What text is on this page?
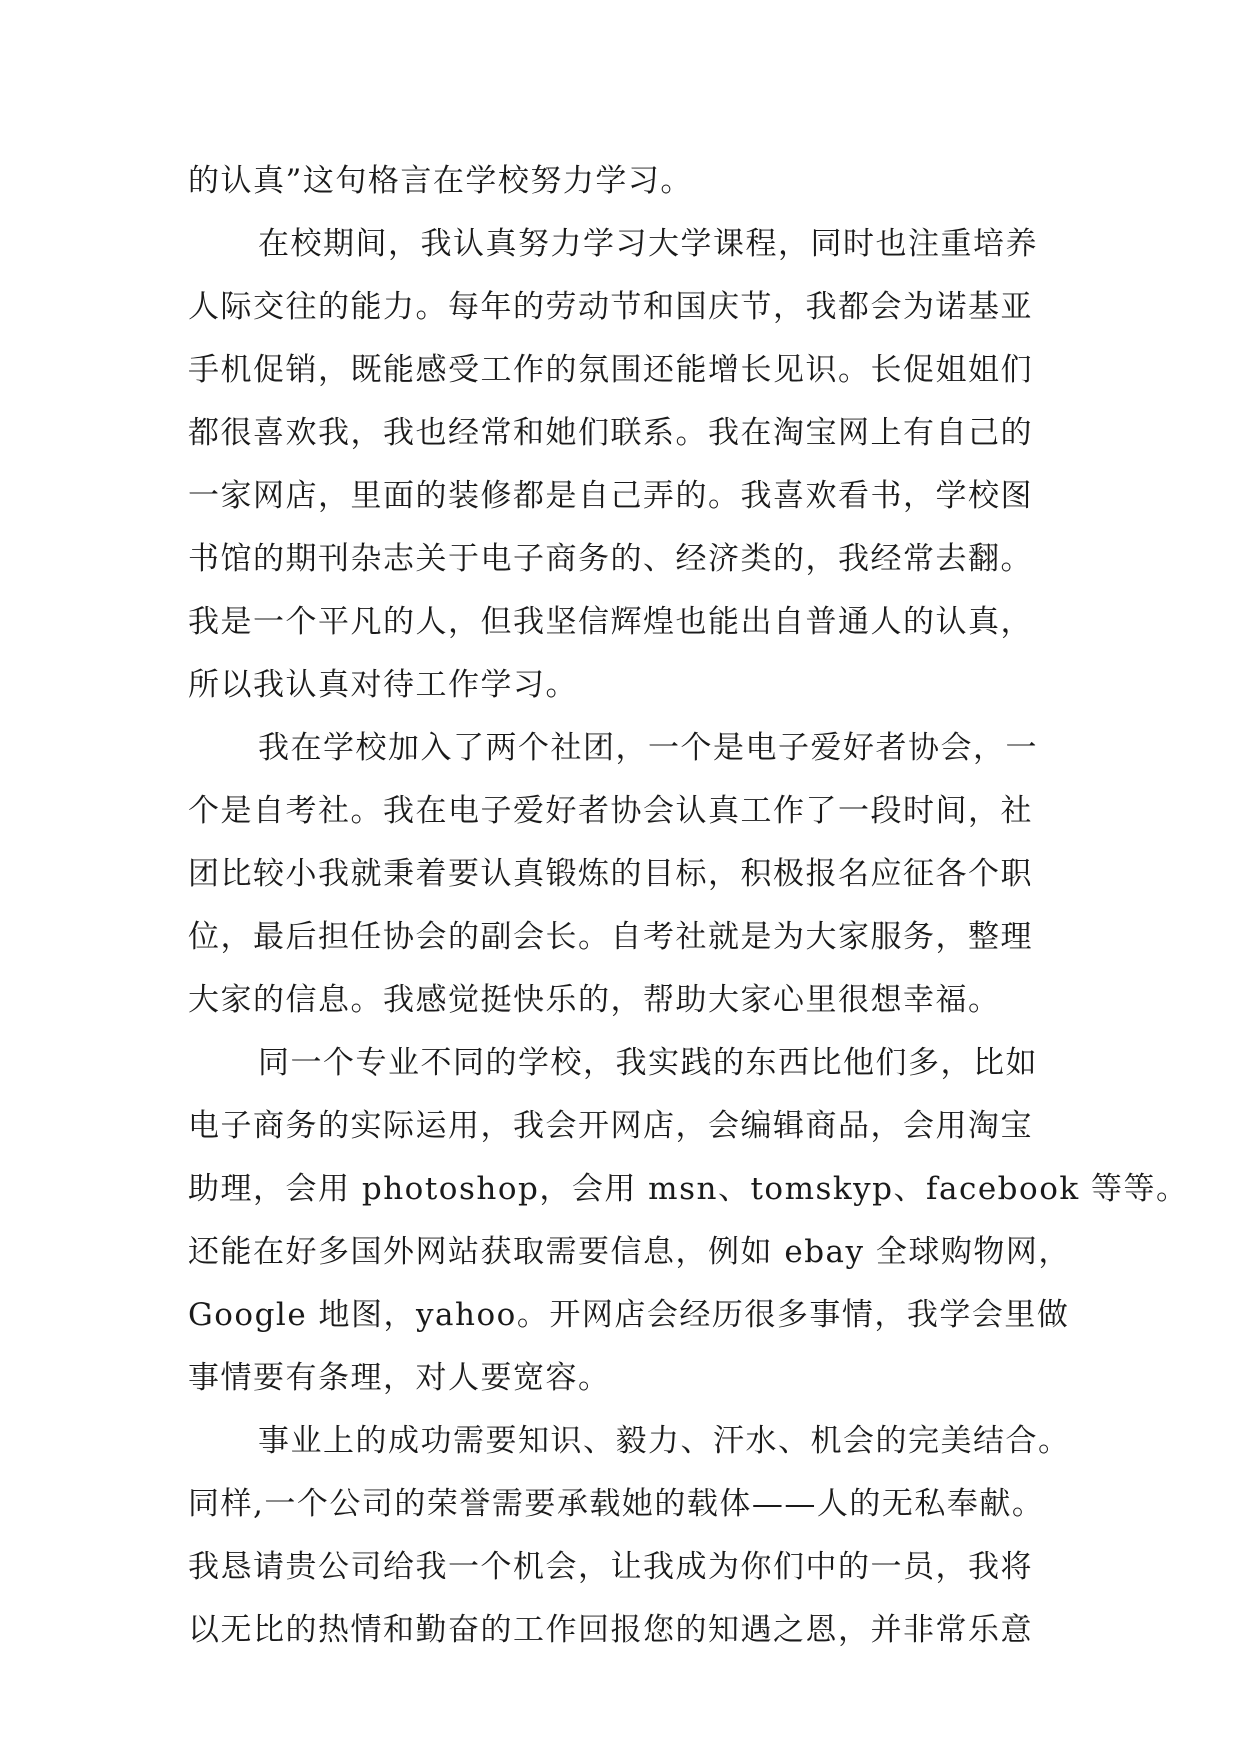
的认真”这句格言在学校努力学习。
在校期间，我认真努力学习大学课程，同时也注重培养
人际交往的能力。每年的劳动节和国庆节，我都会为诺基亚
手机促销，既能感受工作的氛围还能增长见识。长促姐姐们
都很喜欢我，我也经常和她们联系。我在淘宝网上有自己的
一家网店，里面的装修都是自己弄的。我喜欢看书，学校图
书馆的期刊杂志关于电子商务的、经济类的，我经常去翻。
我是一个平凡的人，但我坚信辉煌也能出自普通人的认真，
所以我认真对待工作学习。
我在学校加入了两个社团，一个是电子爱好者协会，一
个是自考社。我在电子爱好者协会认真工作了一段时间，社
团比较小我就秉着要认真锻炼的目标，积极报名应征各个职
位，最后担任协会的副会长。自考社就是为大家服务，整理
大家的信息。我感觉挺快乐的，帮助大家心里很想幸福。
同一个专业不同的学校，我实践的东西比他们多，比如
电子商务的实际运用，我会开网店，会编辑商品，会用淘宝
助理，会用 photoshop，会用 msn、tomskyp、facebook 等等。
还能在好多国外网站获取需要信息，例如 ebay 全球购物网，
Google 地图，yahoo。开网店会经历很多事情，我学会里做
事情要有条理，对人要宽容。
事业上的成功需要知识、毅力、汗水、机会的完美结合。
同样,一个公司的荣誉需要承载她的载体——人的无私奉献。
我恳请贵公司给我一个机会，让我成为你们中的一员，我将
以无比的热情和勤奋的工作回报您的知遇之恩，并非常乐意
